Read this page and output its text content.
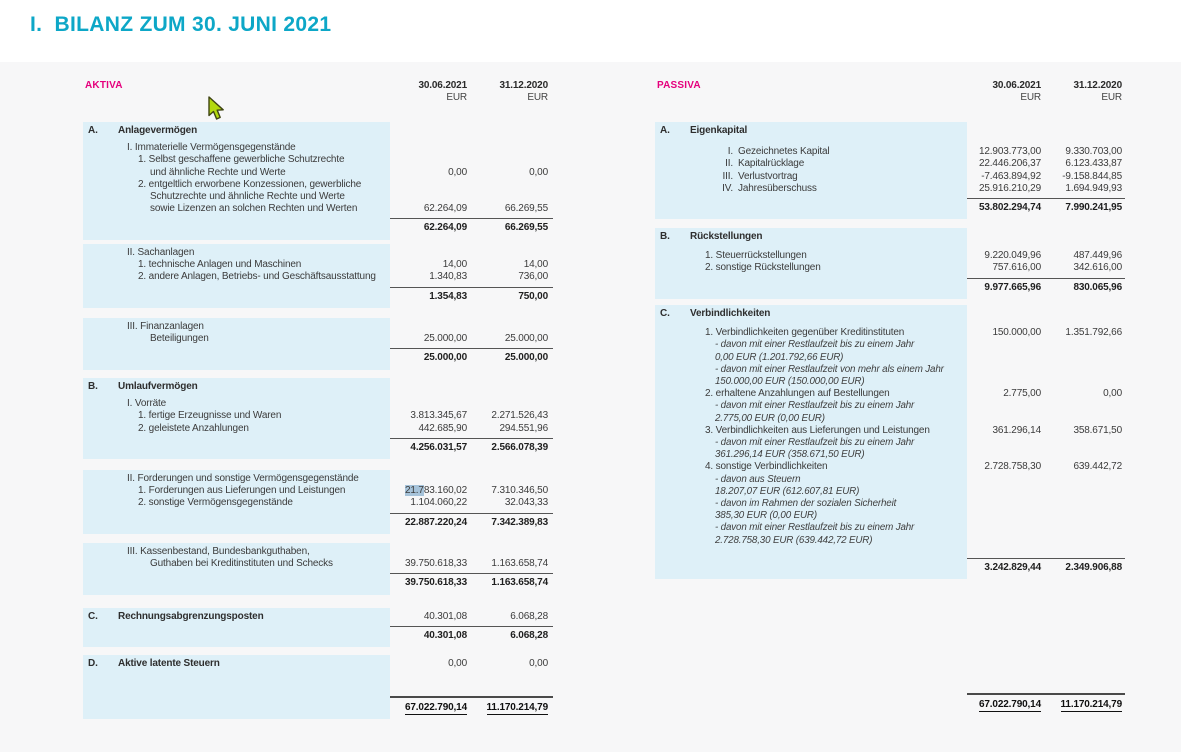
I.  BILANZ ZUM 30. JUNI 2021
AKTIVA	30.06.2021	31.12.2020
EUR	EUR
A.	Anlagevermögen

I. Immaterielle Vermögensgegenstände

1. Selbst geschaffene gewerbliche Schutzrechte

und ähnliche Rechte und Werte	0,00	0,00
2. entgeltlich erworbene Konzessionen, gewerbliche

Schutzrechte und ähnliche Rechte und Werte

sowie Lizenzen an solchen Rechten und Werten	62.264,09	66.269,55

62.264,09	66.269,55
II. Sachanlagen

1. technische Anlagen und Maschinen	14,00	14,00
2. andere Anlagen, Betriebs- und Geschäftsausstattung	1.340,83	736,00

1.354,83	750,00
III. Finanzanlagen

Beteiligungen	25.000,00	25.000,00

25.000,00	25.000,00
B.	Umlaufvermögen

I. Vorräte

1. fertige Erzeugnisse und Waren	3.813.345,67	2.271.526,43
2. geleistete Anzahlungen	442.685,90	294.551,96

4.256.031,57	2.566.078,39
II. Forderungen und sonstige Vermögensgegenstände

1. Forderungen aus Lieferungen und Leistungen	21.783.160,02	7.310.346,50
2. sonstige Vermögensgegenstände	1.104.060,22	32.043,33

22.887.220,24	7.342.389,83
III. Kassenbestand, Bundesbankguthaben,

Guthaben bei Kreditinstituten und Schecks	39.750.618,33	1.163.658,74

39.750.618,33	1.163.658,74
C.	Rechnungsabgrenzungsposten	40.301,08	6.068,28

40.301,08	6.068,28
D.	Aktive latente Steuern	0,00	0,00

67.022.790,14	11.170.214,79
PASSIVA	30.06.2021	31.12.2020
EUR	EUR
A.	Eigenkapital

I. Gezeichnetes Kapital	12.903.773,00	9.330.703,00
II. Kapitalrücklage	22.446.206,37	6.123.433,87
III. Verlustvortrag	-7.463.894,92	-9.158.844,85
IV. Jahresüberschuss	25.916.210,29	1.694.949,93

53.802.294,74	7.990.241,95
B.	Rückstellungen

1. Steuerrückstellungen	9.220.049,96	487.449,96
2. sonstige Rückstellungen	757.616,00	342.616,00

9.977.665,96	830.065,96
C.	Verbindlichkeiten

1. Verbindlichkeiten gegenüber Kreditinstituten	150.000,00	1.351.792,66
- davon mit einer Restlaufzeit bis zu einem Jahr

0,00 EUR (1.201.792,66 EUR)

- davon mit einer Restlaufzeit von mehr als einem Jahr

150.000,00 EUR (150.000,00 EUR)

2. erhaltene Anzahlungen auf Bestellungen	2.775,00	0,00
- davon mit einer Restlaufzeit bis zu einem Jahr

2.775,00 EUR (0,00 EUR)

3. Verbindlichkeiten aus Lieferungen und Leistungen	361.296,14	358.671,50
- davon mit einer Restlaufzeit bis zu einem Jahr

361.296,14 EUR (358.671,50 EUR)

4. sonstige Verbindlichkeiten	2.728.758,30	639.442,72
- davon aus Steuern

18.207,07 EUR (612.607,81 EUR)

- davon im Rahmen der sozialen Sicherheit

385,30 EUR (0,00 EUR)

- davon mit einer Restlaufzeit bis zu einem Jahr

2.728.758,30 EUR (639.442,72 EUR)

3.242.829,44	2.349.906,88

67.022.790,14	11.170.214,79
